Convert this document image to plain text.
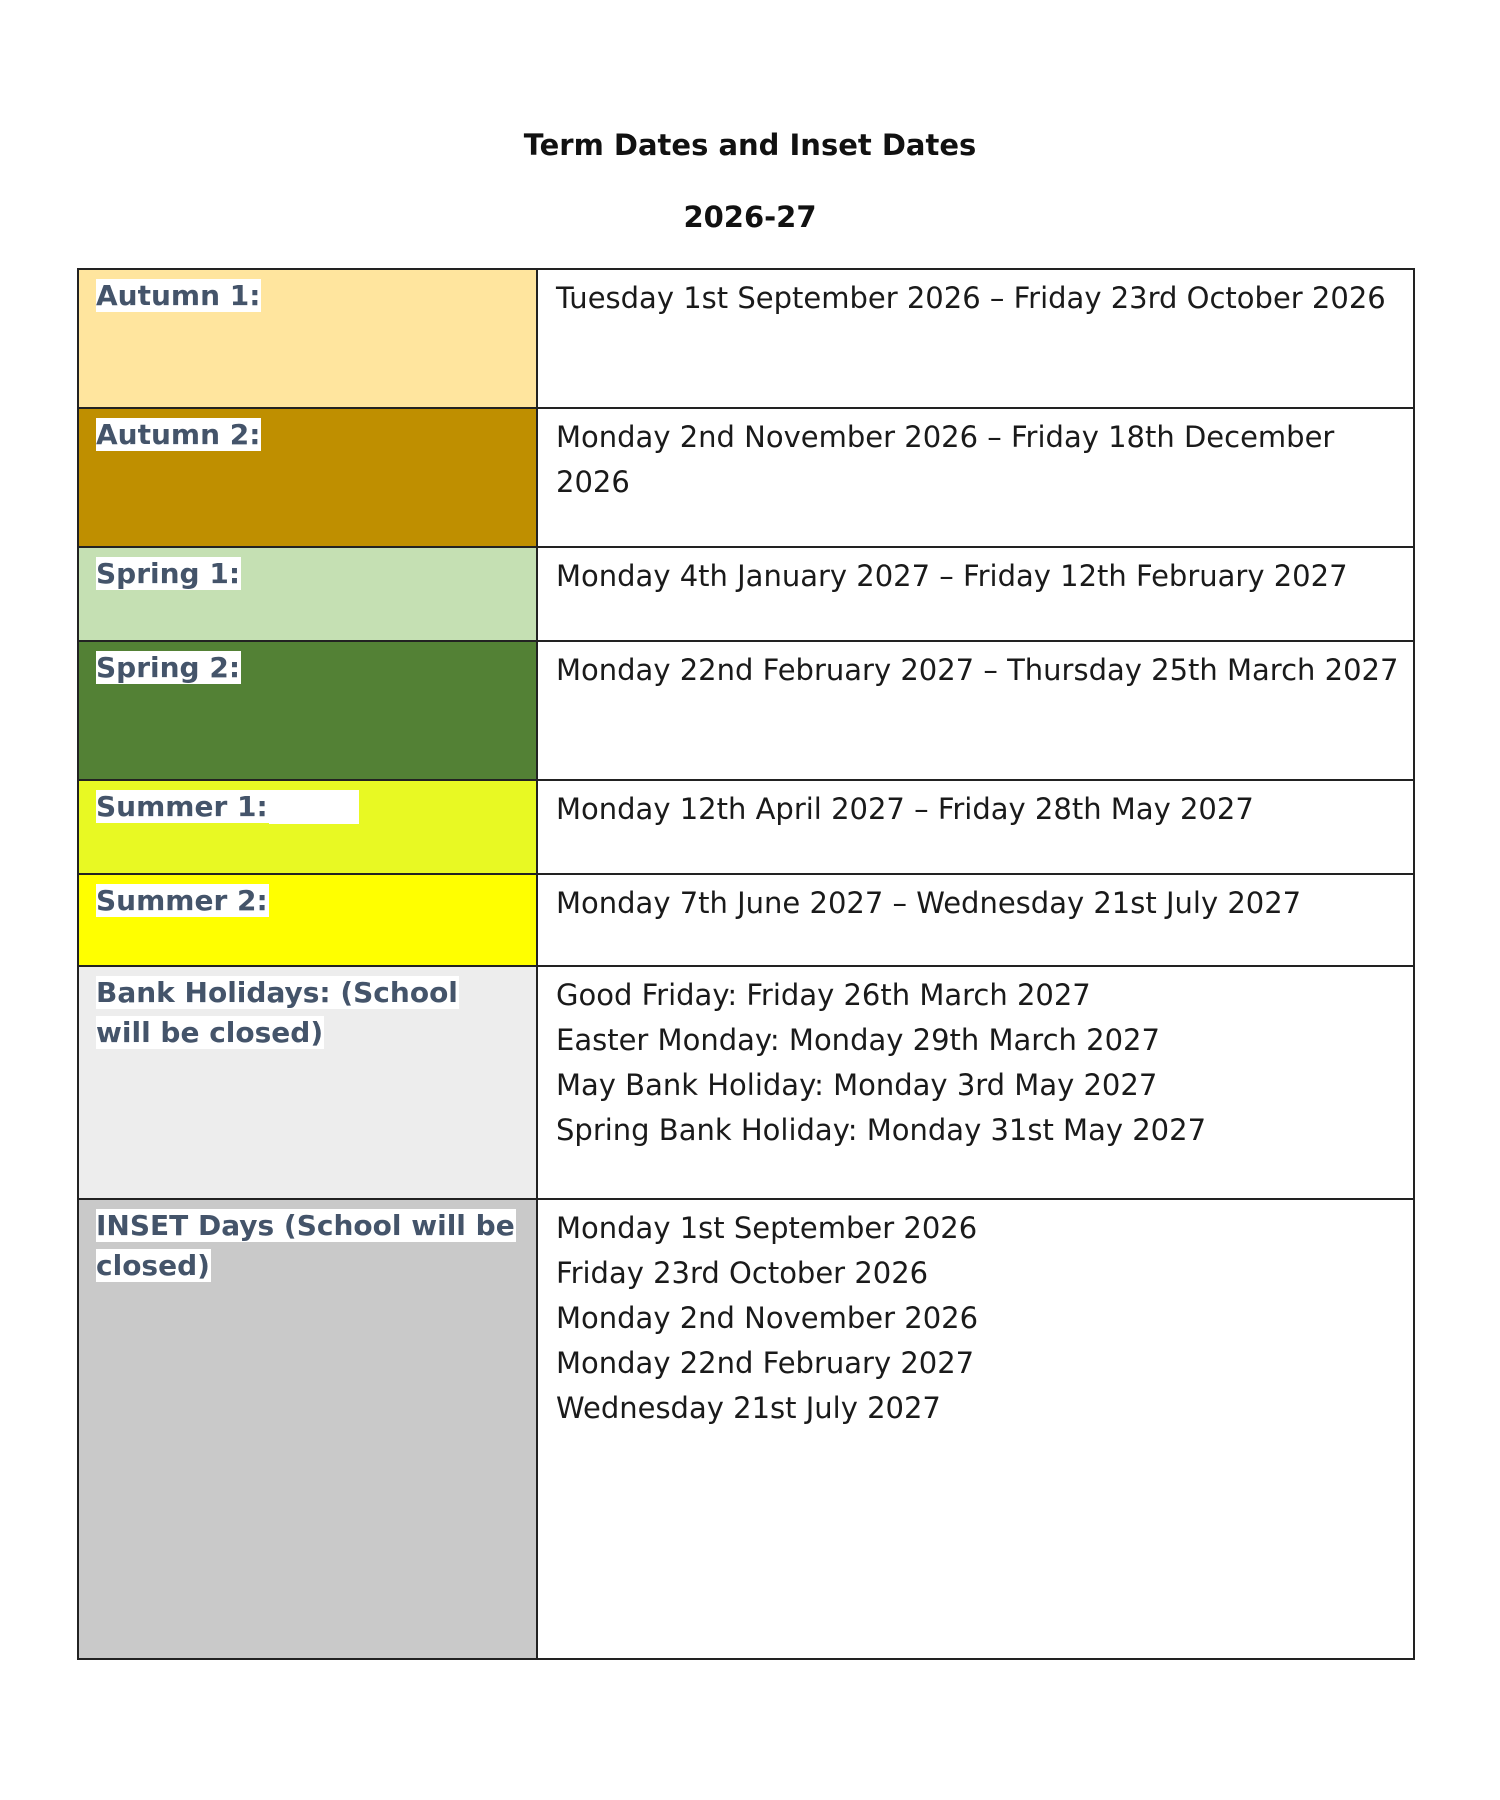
Term Dates and Inset Dates
2026-27
Autumn 1:	Tuesday 1st September 2026 – Friday 23rd October 2026

Autumn 2:	Monday 2nd November 2026 – Friday 18th December 2026

Spring 1:	Monday 4th January 2027 – Friday 12th February 2027

Spring 2:	Monday 22nd February 2027 – Thursday 25th March 2027

Summer 1:	Monday 12th April 2027 – Friday 28th May 2027

Summer 2:	Monday 7th June 2027 – Wednesday 21st July 2027

Bank Holidays: (School will be closed)	Good Friday: Friday 26th March 2027
Easter Monday: Monday 29th March 2027
May Bank Holiday: Monday 3rd May 2027
Spring Bank Holiday: Monday 31st May 2027

INSET Days (School will be closed)	Monday 1st September 2026
Friday 23rd October 2026
Monday 2nd November 2026
Monday 22nd February 2027
Wednesday 21st July 2027
